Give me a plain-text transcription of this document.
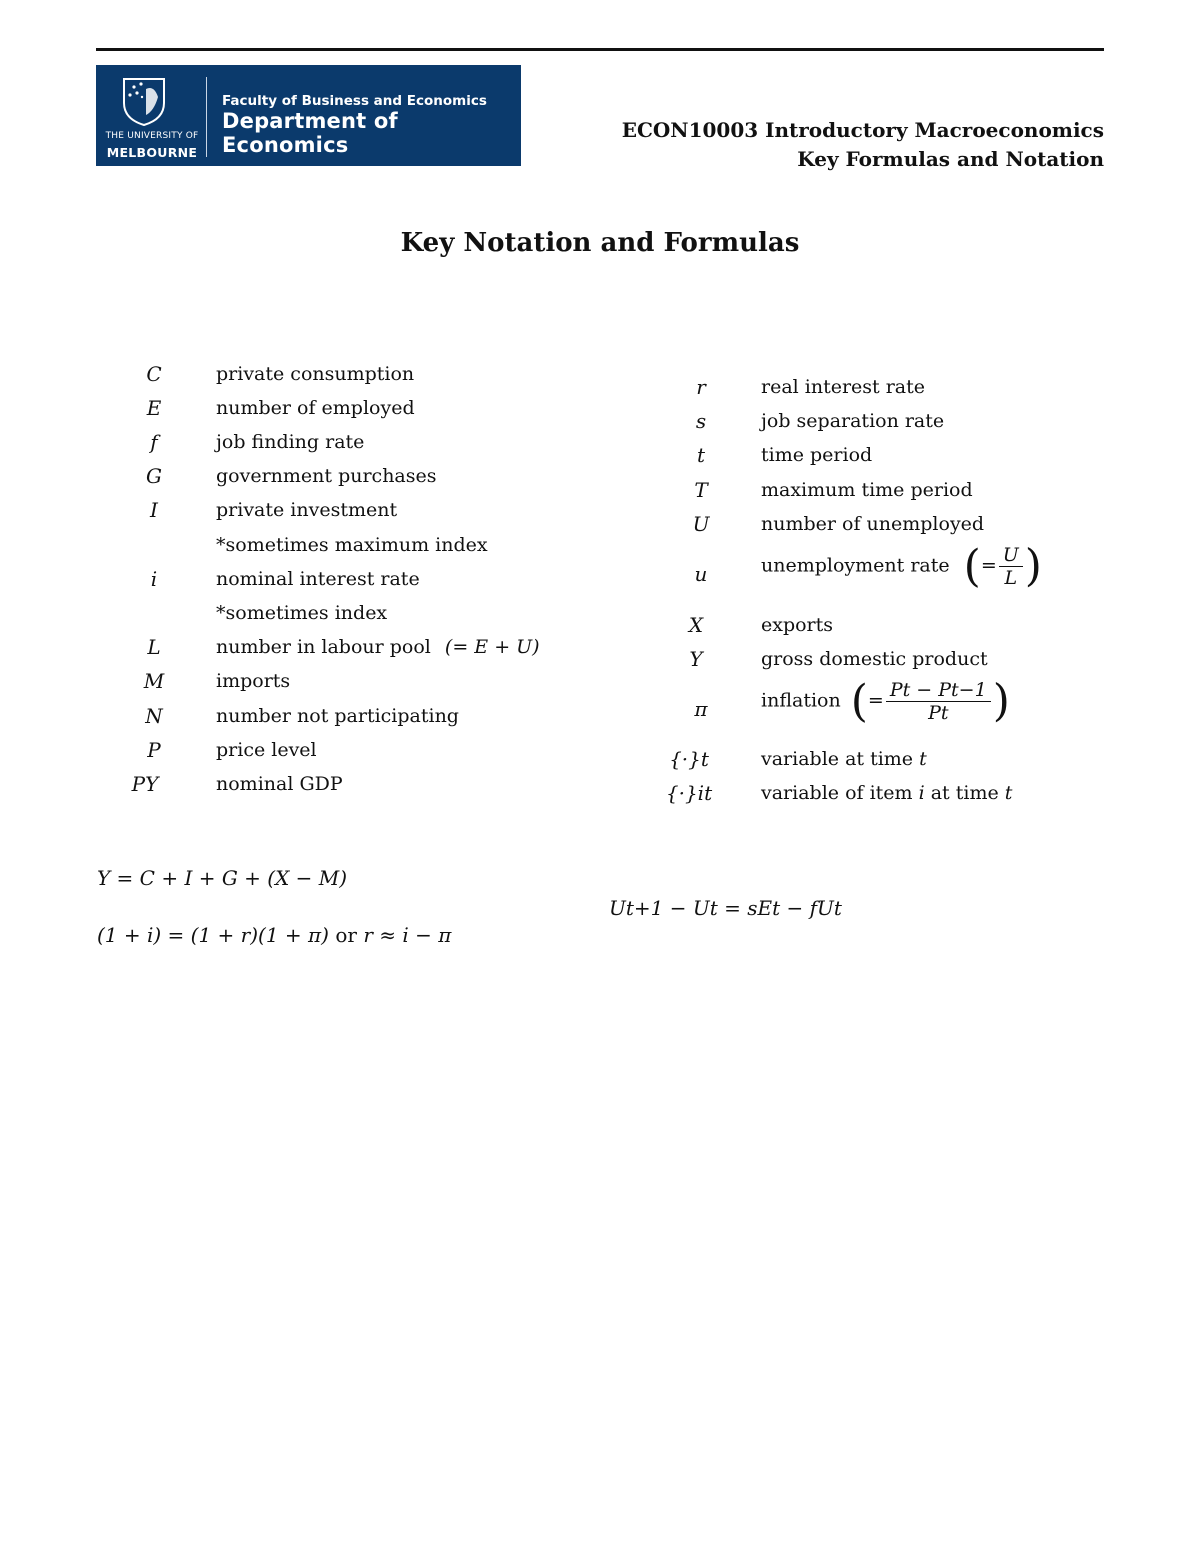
THE UNIVERSITY OF
MELBOURNE
Faculty of Business and Economics
Department of Economics
ECON10003 Introductory Macroeconomics
Key Formulas and Notation
Key Notation and Formulas
C	private consumption
E	number of employed
f	job finding rate
G	government purchases
I	private investment
*sometimes maximum index
i	nominal interest rate
*sometimes index
L	number in labour pool (= E + U)
M	imports
N	number not participating
P	price level
PY	nominal GDP
r	real interest rate
s	job separation rate
t	time period
T	maximum time period
U	number of unemployed
u	unemployment rate (= $\frac{U}{L}$ )
X	exports
Y	gross domestic product
π	inflation (= $\frac{Pt - Pt-1}{Pt}$ )
{·}t	variable at time t
{·}it	variable of item i at time t
Y = C + I + G + (X − M)
(1 + i) = (1 + r)(1 + π) or r ≈ i − π
Ut+1 − Ut = sEt − fUt
